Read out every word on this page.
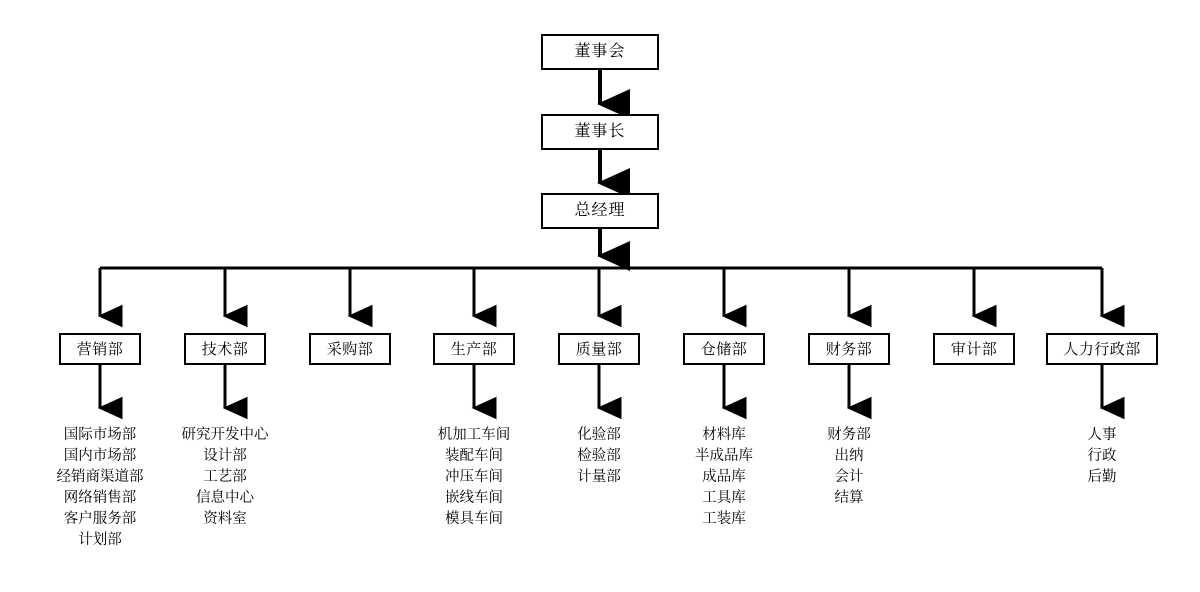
董事会
董事长
总经理
营销部	技术部	采购部	生产部	质量部	仓储部	财务部	审计部	人力行政部
国际市场部
国内市场部
经销商渠道部
网络销售部
客户服务部
计划部
研究开发中心
设计部
工艺部
信息中心
资料室
机加工车间
装配车间
冲压车间
嵌线车间
模具车间
化验部
检验部
计量部
材料库
半成品库
成品库
工具库
工装库
财务部
出纳
会计
结算
人事
行政
后勤
